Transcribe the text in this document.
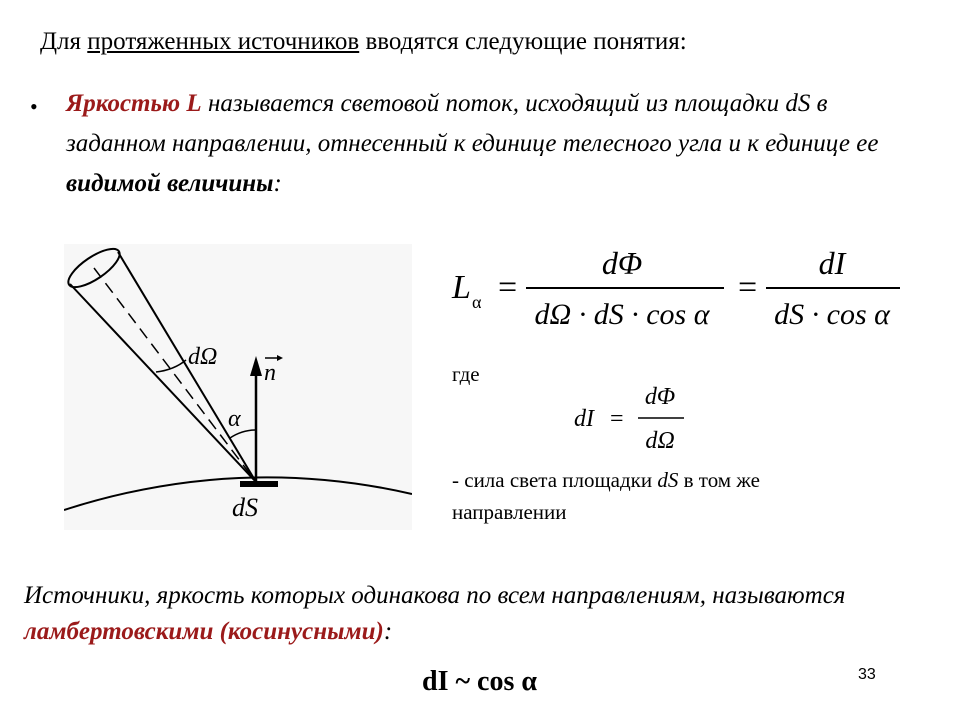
Для протяженных источников вводятся следующие понятия:
• Яркостью L называется световой поток, исходящий из площадки dS в заданном направлении, отнесенный к единице телесного угла и к единице ее видимой величины:
dΩ
n
α
dS
L α =
dΦ
dΩ · dS · cos α
=
dI
dS · cos α
где
dI =
dΦ
dΩ
- сила света площадки dS в том же направлении
Источники, яркость которых одинакова по всем направлениям, называются ламбертовскими (косинусными):
dI ~ cos α	33
